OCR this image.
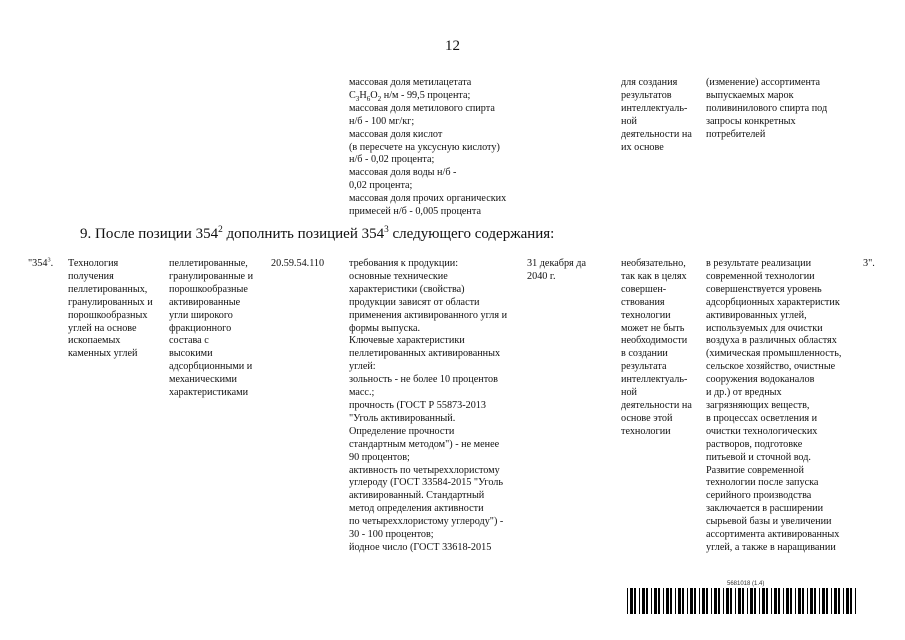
12
массовая доля метилацетата
$C_3H_6O_2$ н/м - 99,5 процента;
массовая доля метилового спирта
н/б - 100 мг/кг;
массовая доля кислот
(в пересчете на уксусную кислоту)
н/б - 0,02 процента;
массовая доля воды н/б -
0,02 процента;
массовая доля прочих органических
примесей н/б - 0,005 процента
для создания
результатов
интеллектуаль-
ной
деятельности на
их основе
(изменение) ассортимента
выпускаемых марок
поливинилового спирта под
запросы конкретных
потребителей
9. После позиции $354^2$ дополнить позицией $354^3$ следующего содержания:
"$354^3$. Технология
получения
пеллетированных,
гранулированных и
порошкообразных
углей на основе
ископаемых
каменных углей
пеллетированные,
гранулированные и
порошкообразные
активированные
угли широкого
фракционного
состава с
высокими
адсорбционными и
механическими
характеристиками
20.59.54.110	требования к продукции:
основные технические
характеристики (свойства)
продукции зависят от области
применения активированного угля и
формы выпуска.
Ключевые характеристики
пеллетированных активированных
углей:
зольность - не более 10 процентов
масс.;
прочность (ГОСТ Р 55873-2013
"Уголь активированный.
Определение прочности
стандартным методом") - не менее
90 процентов;
активность по четыреххлористому
углероду (ГОСТ 33584-2015 "Уголь
активированный. Стандартный
метод определения активности
по четыреххлористому углероду") -
30 - 100 процентов;
йодное число (ГОСТ 33618-2015
31 декабря да
2040 г.
необязательно,
так как в целях
совершен-
ствования
технологии
может не быть
необходимости
в создании
результата
интеллектуаль-
ной
деятельности на
основе этой
технологии
в результате реализации
современной технологии
совершенствуется уровень
адсорбционных характеристик
активированных углей,
используемых для очистки
воздуха в различных областях
(химическая промышленность,
сельское хозяйство, очистные
сооружения водоканалов
и др.) от вредных
загрязняющих веществ,
в процессах осветления и
очистки технологических
растворов, подготовке
питьевой и сточной вод.
Развитие современной
технологии после запуска
серийного производства
заключается в расширении
сырьевой базы и увеличении
ассортимента активированных
углей, а также в наращивании
3".
5681018 (1.4)
